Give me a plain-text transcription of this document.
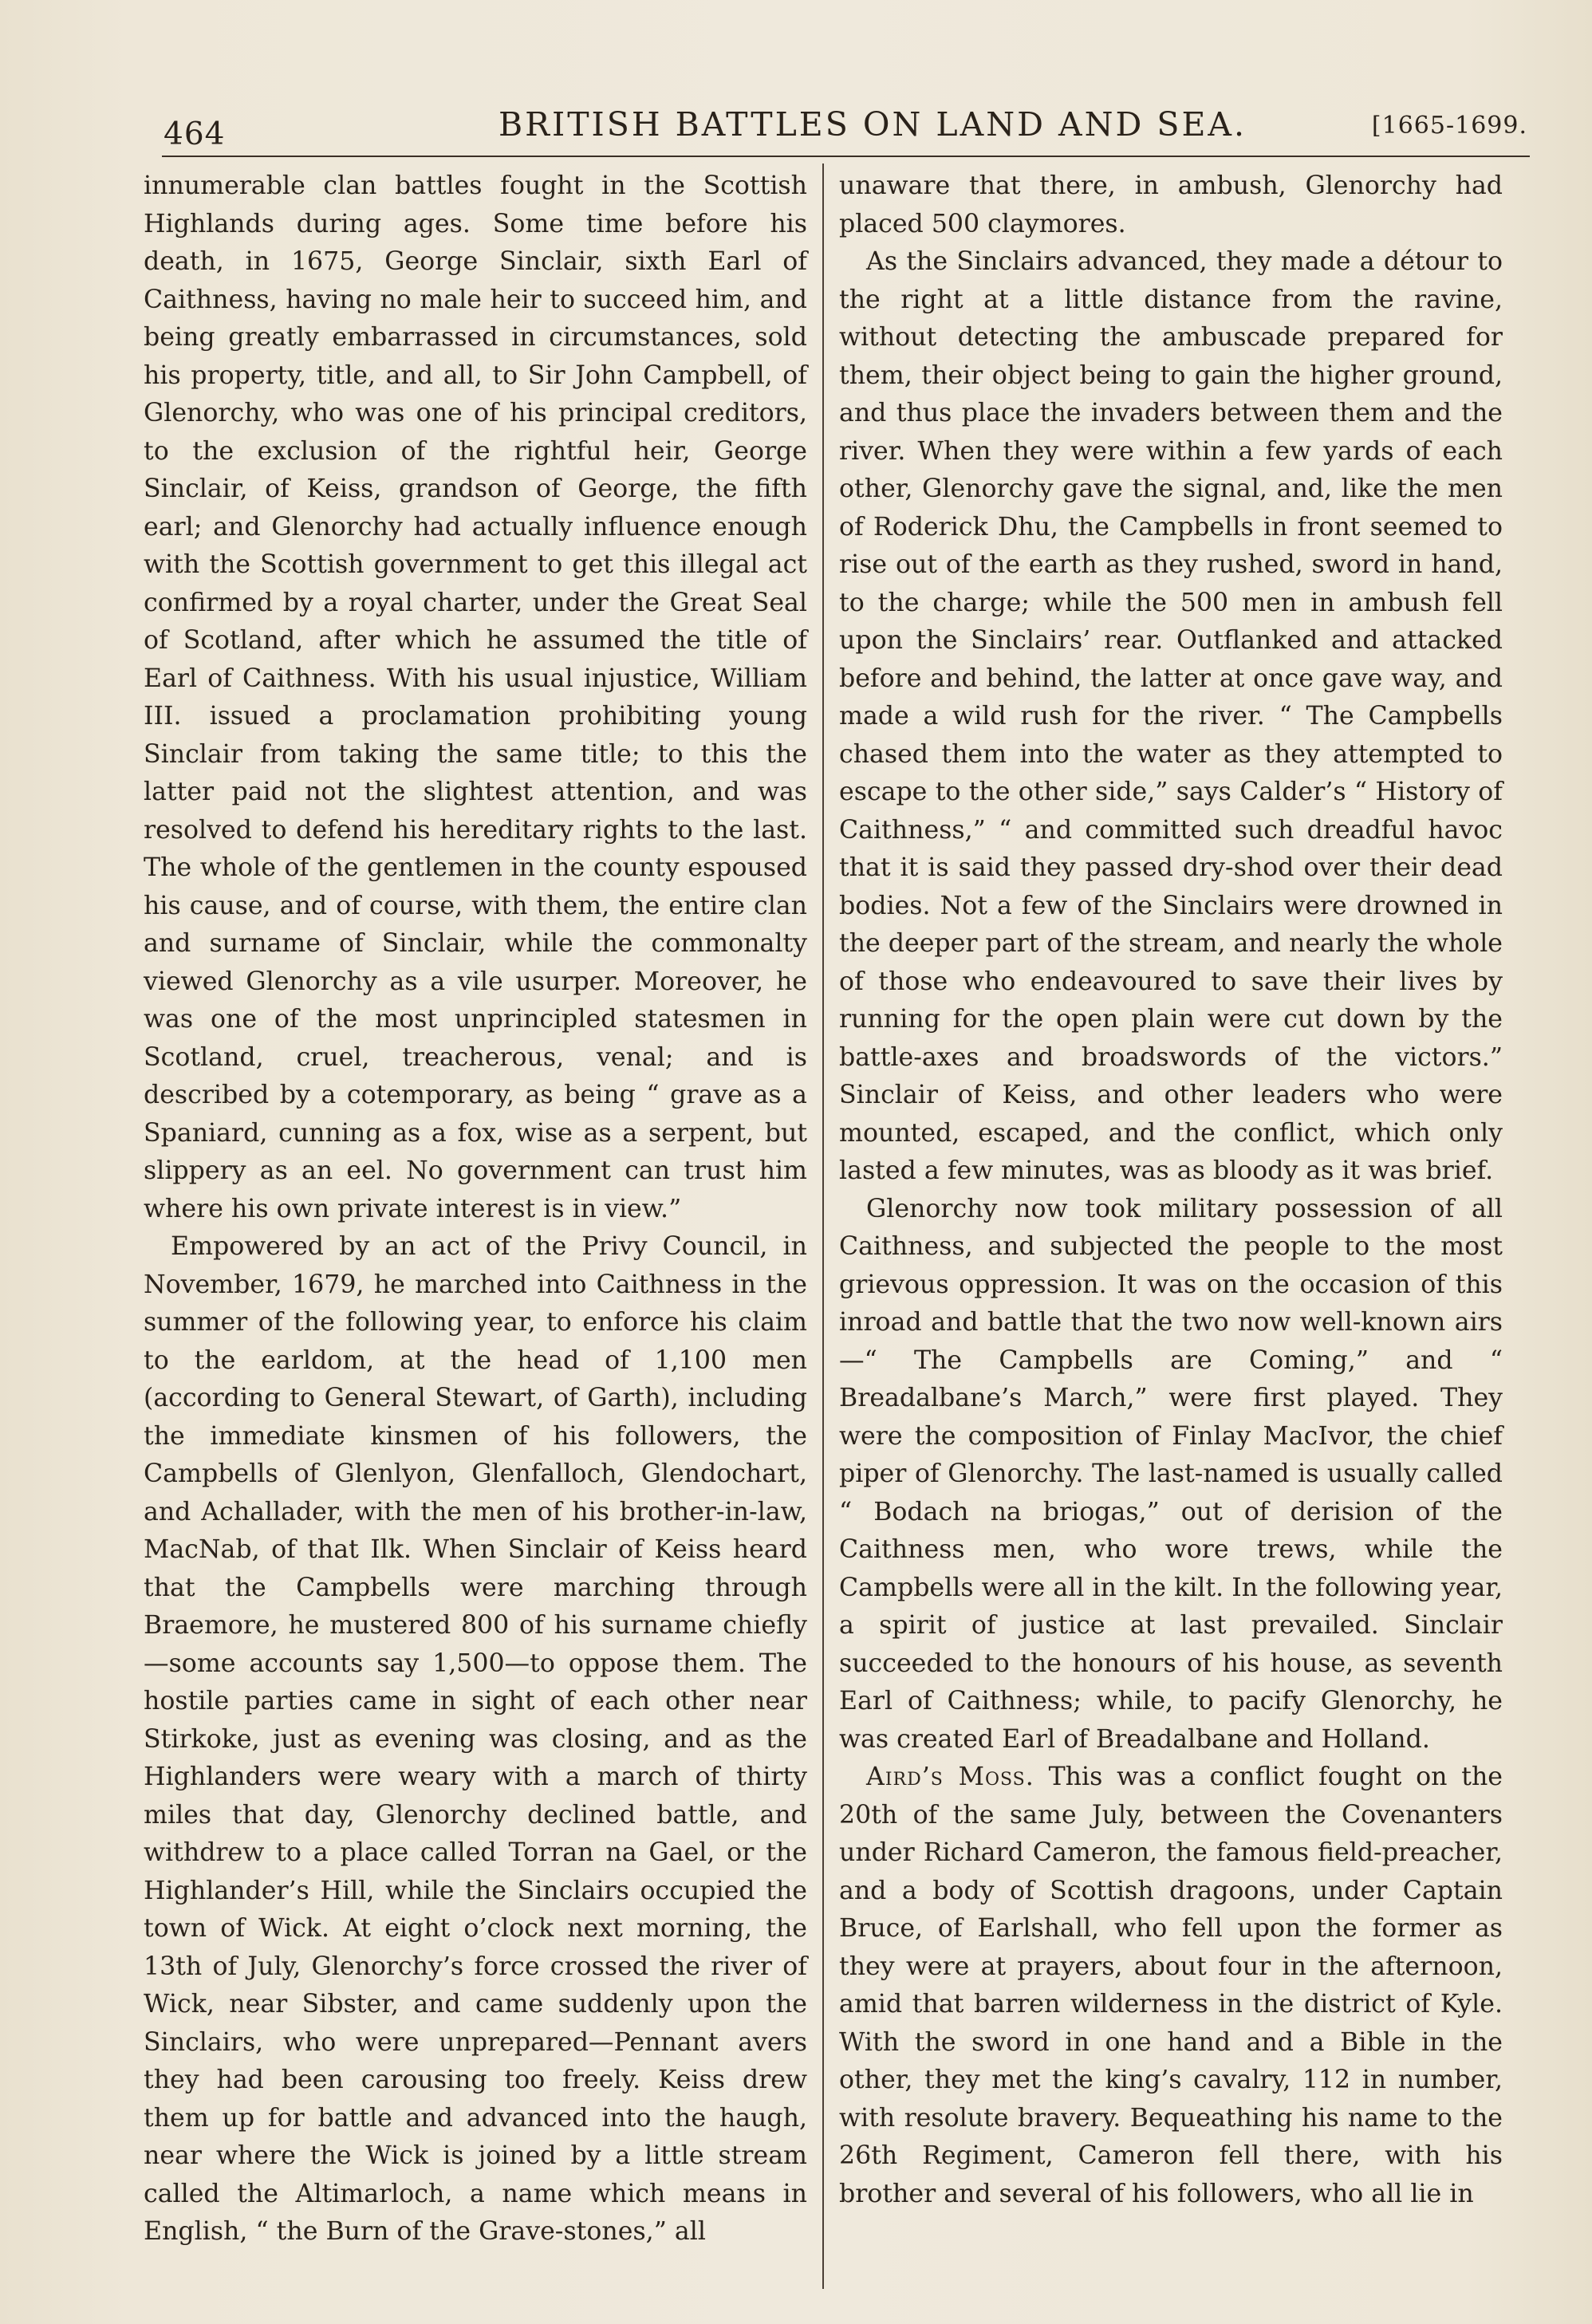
464	BRITISH BATTLES ON LAND AND SEA.	[1665-1699.

innumerable clan battles fought in the Scottish Highlands during ages. Some time before his death, in 1675, George Sinclair, sixth Earl of Caithness, having no male heir to succeed him, and being greatly embarrassed in circumstances, sold his property, title, and all, to Sir John Campbell, of Glenorchy, who was one of his principal creditors, to the exclusion of the rightful heir, George Sinclair, of Keiss, grandson of George, the fifth earl; and Glenorchy had actually influence enough with the Scottish government to get this illegal act confirmed by a royal charter, under the Great Seal of Scotland, after which he assumed the title of Earl of Caithness. With his usual injustice, William III. issued a proclamation prohibiting young Sinclair from taking the same title; to this the latter paid not the slightest attention, and was resolved to defend his hereditary rights to the last. The whole of the gentlemen in the county espoused his cause, and of course, with them, the entire clan and surname of Sinclair, while the commonalty viewed Glenorchy as a vile usurper. Moreover, he was one of the most unprincipled statesmen in Scotland, cruel, treacherous, venal; and is described by a cotemporary, as being “ grave as a Spaniard, cunning as a fox, wise as a serpent, but slippery as an eel. No government can trust him where his own private interest is in view.”

Empowered by an act of the Privy Council, in November, 1679, he marched into Caithness in the summer of the following year, to enforce his claim to the earldom, at the head of 1,100 men (according to General Stewart, of Garth), including the immediate kinsmen of his followers, the Campbells of Glenlyon, Glenfalloch, Glendochart, and Achallader, with the men of his brother-in-law, MacNab, of that Ilk. When Sinclair of Keiss heard that the Campbells were marching through Braemore, he mustered 800 of his surname chiefly —some accounts say 1,500—to oppose them. The hostile parties came in sight of each other near Stirkoke, just as evening was closing, and as the Highlanders were weary with a march of thirty miles that day, Glenorchy declined battle, and withdrew to a place called Torran na Gael, or the Highlander’s Hill, while the Sinclairs occupied the town of Wick. At eight o’clock next morning, the 13th of July, Glenorchy’s force crossed the river of Wick, near Sibster, and came suddenly upon the Sinclairs, who were unprepared—Pennant avers they had been carousing too freely. Keiss drew them up for battle and advanced into the haugh, near where the Wick is joined by a little stream called the Altimarloch, a name which means in English, “ the Burn of the Grave-stones,” all

unaware that there, in ambush, Glenorchy had placed 500 claymores.

As the Sinclairs advanced, they made a détour to the right at a little distance from the ravine, without detecting the ambuscade prepared for them, their object being to gain the higher ground, and thus place the invaders between them and the river. When they were within a few yards of each other, Glenorchy gave the signal, and, like the men of Roderick Dhu, the Campbells in front seemed to rise out of the earth as they rushed, sword in hand, to the charge; while the 500 men in ambush fell upon the Sinclairs’ rear. Outflanked and attacked before and behind, the latter at once gave way, and made a wild rush for the river. “ The Campbells chased them into the water as they attempted to escape to the other side,” says Calder’s “ History of Caithness,” “ and committed such dreadful havoc that it is said they passed dry-shod over their dead bodies. Not a few of the Sinclairs were drowned in the deeper part of the stream, and nearly the whole of those who endeavoured to save their lives by running for the open plain were cut down by the battle-axes and broadswords of the victors.” Sinclair of Keiss, and other leaders who were mounted, escaped, and the conflict, which only lasted a few minutes, was as bloody as it was brief.

Glenorchy now took military possession of all Caithness, and subjected the people to the most grievous oppression. It was on the occasion of this inroad and battle that the two now well-known airs—“ The Campbells are Coming,” and “ Breadalbane’s March,” were first played. They were the composition of Finlay MacIvor, the chief piper of Glenorchy. The last-named is usually called “ Bodach na briogas,” out of derision of the Caithness men, who wore trews, while the Campbells were all in the kilt. In the following year, a spirit of justice at last prevailed. Sinclair succeeded to the honours of his house, as seventh Earl of Caithness; while, to pacify Glenorchy, he was created Earl of Breadalbane and Holland.

Aird’s Moss. This was a conflict fought on the 20th of the same July, between the Covenanters under Richard Cameron, the famous field-preacher, and a body of Scottish dragoons, under Captain Bruce, of Earlshall, who fell upon the former as they were at prayers, about four in the afternoon, amid that barren wilderness in the district of Kyle. With the sword in one hand and a Bible in the other, they met the king’s cavalry, 112 in number, with resolute bravery. Bequeathing his name to the 26th Regiment, Cameron fell there, with his brother and several of his followers, who all lie in
